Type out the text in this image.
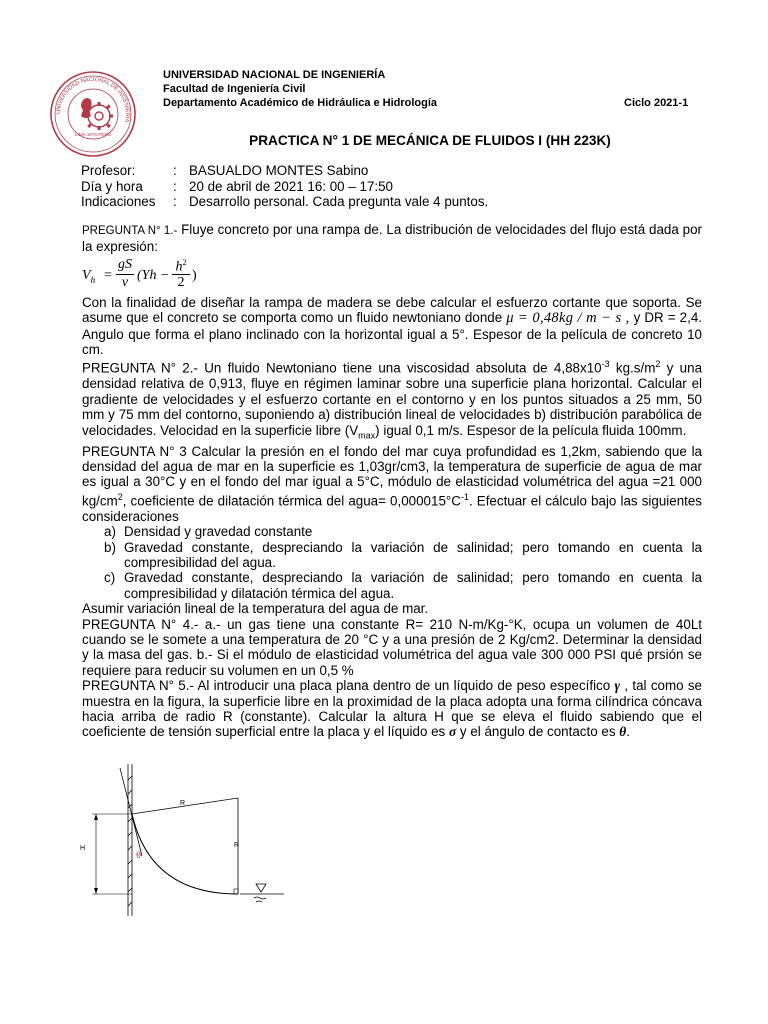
UNIVERSIDAD NACIONAL DE INGENIERÍA
LIMA 1876 PERÚ
UNIVERSIDAD NACIONAL DE INGENIERÍA
Facultad de Ingeniería Civil
Departamento Académico de Hidráulica e Hidrología	Ciclo 2021-1
PRACTICA N° 1 DE MECÁNICA DE FLUIDOS I (HH 223K)
Profesor:	:	BASUALDO MONTES Sabino
Día y hora	:	20 de abril de 2021 16: 00 – 17:50
Indicaciones	:	Desarrollo personal. Cada pregunta vale 4 puntos.

PREGUNTA N° 1.- Fluye concreto por una rampa de. La distribución de velocidades del flujo está dada por la expresión:

$V_h$ =
gS
ν (Yh −
$h^2$
2 )

Con la finalidad de diseñar la rampa de madera se debe calcular el esfuerzo cortante que soporta. Se asume que el concreto se comporta como un fluido newtoniano donde μ = 0,48kg / m − s , y DR = 2,4. Angulo que forma el plano inclinado con la horizontal igual a 5°. Espesor de la película de concreto 10 cm.

PREGUNTA N° 2.- Un fluido Newtoniano tiene una viscosidad absoluta de $4,88x10^{-3}$ $kg.s/m^2$ y una densidad relativa de 0,913, fluye en régimen laminar sobre una superficie plana horizontal. Calcular el gradiente de velocidades y el esfuerzo cortante en el contorno y en los puntos situados a 25 mm, 50 mm y 75 mm del contorno, suponiendo a) distribución lineal de velocidades b) distribución parabólica de velocidades. Velocidad en la superficie libre $(V_{max})$ igual 0,1 m/s. Espesor de la película fluida 100mm.

PREGUNTA N° 3 Calcular la presión en el fondo del mar cuya profundidad es 1,2km, sabiendo que la densidad del agua de mar en la superficie es 1,03gr/cm3, la temperatura de superficie de agua de mar es igual a 30°C y en el fondo del mar igual a 5°C, módulo de elasticidad volumétrica del agua =21 000 $kg/cm^2$, coeficiente de dilatación térmica del agua= $0,000015^\circ C^{-1}$. Efectuar el cálculo bajo las siguientes consideraciones

a) Densidad y gravedad constante
b) Gravedad constante, despreciando la variación de salinidad; pero tomando en cuenta la compresibilidad del agua.
c) Gravedad constante, despreciando la variación de salinidad; pero tomando en cuenta la compresibilidad y dilatación térmica del agua.

Asumir variación lineal de la temperatura del agua de mar.

PREGUNTA N° 4.- a.- un gas tiene una constante R= 210 N-m/Kg-°K, ocupa un volumen de 40Lt cuando se le somete a una temperatura de 20 °C y a una presión de 2 Kg/cm2. Determinar la densidad y la masa del gas. b.- Si el módulo de elasticidad volumétrica del agua vale 300 000 PSI qué prsión se requiere para reducir su volumen en un 0,5 %

PREGUNTA N° 5.- Al introducir una placa plana dentro de un líquido de peso específico γ , tal como se muestra en la figura, la superficie libre en la proximidad de la placa adopta una forma cilíndrica cóncava hacia arriba de radio R (constante). Calcular la altura H que se eleva el fluido sabiendo que el coeficiente de tensión superficial entre la placa y el líquido es σ y el ángulo de contacto es θ.

R
R
H
θ
